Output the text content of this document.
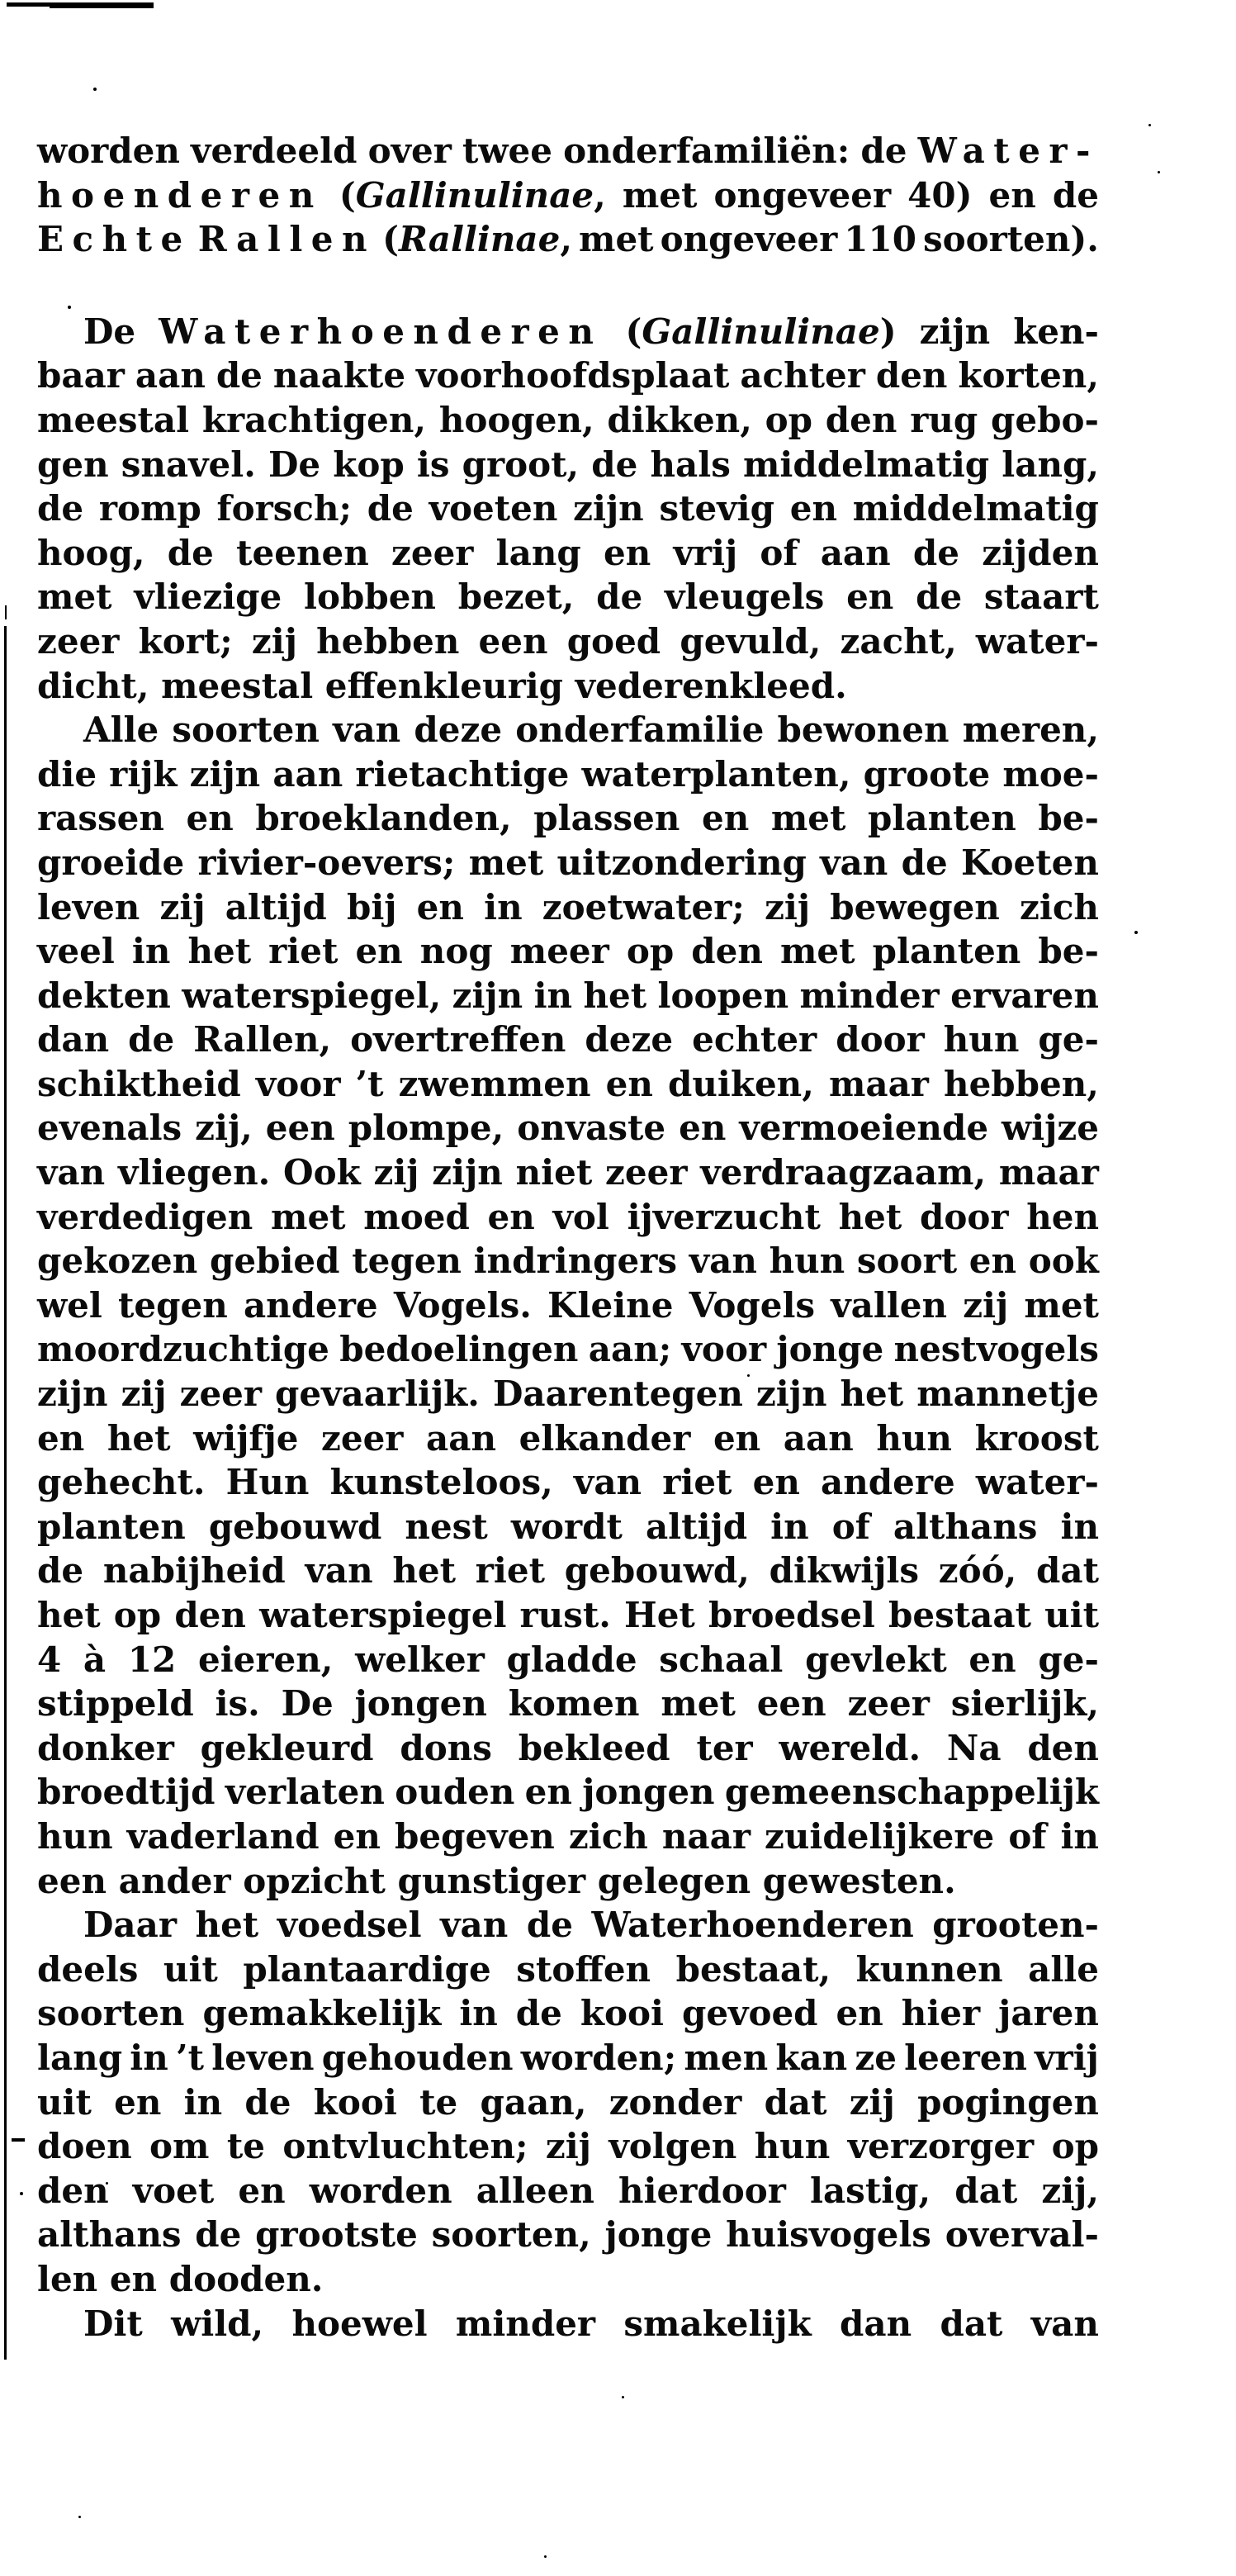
worden verdeeld over twee onderfamiliën: de Water-
hoenderen (Gallinulinae, met ongeveer 40) en de
Echte Rallen (Rallinae, met ongeveer 110 soorten).
De Waterhoenderen (Gallinulinae) zijn ken-
baar aan de naakte voorhoofdsplaat achter den korten,
meestal krachtigen, hoogen, dikken, op den rug gebo-
gen snavel. De kop is groot, de hals middelmatig lang,
de romp forsch; de voeten zijn stevig en middelmatig
hoog, de teenen zeer lang en vrij of aan de zijden
met vliezige lobben bezet, de vleugels en de staart
zeer kort; zij hebben een goed gevuld, zacht, water-
dicht, meestal effenkleurig vederenkleed.
Alle soorten van deze onderfamilie bewonen meren,
die rijk zijn aan rietachtige waterplanten, groote moe-
rassen en broeklanden, plassen en met planten be-
groeide rivier-oevers; met uitzondering van de Koeten
leven zij altijd bij en in zoetwater; zij bewegen zich
veel in het riet en nog meer op den met planten be-
dekten waterspiegel, zijn in het loopen minder ervaren
dan de Rallen, overtreffen deze echter door hun ge-
schiktheid voor ’t zwemmen en duiken, maar hebben,
evenals zij, een plompe, onvaste en vermoeiende wijze
van vliegen. Ook zij zijn niet zeer verdraagzaam, maar
verdedigen met moed en vol ijverzucht het door hen
gekozen gebied tegen indringers van hun soort en ook
wel tegen andere Vogels. Kleine Vogels vallen zij met
moordzuchtige bedoelingen aan; voor jonge nestvogels
zijn zij zeer gevaarlijk. Daarentegen zijn het mannetje
en het wijfje zeer aan elkander en aan hun kroost
gehecht. Hun kunsteloos, van riet en andere water-
planten gebouwd nest wordt altijd in of althans in
de nabijheid van het riet gebouwd, dikwijls zóó, dat
het op den waterspiegel rust. Het broedsel bestaat uit
4 à 12 eieren, welker gladde schaal gevlekt en ge-
stippeld is. De jongen komen met een zeer sierlijk,
donker gekleurd dons bekleed ter wereld. Na den
broedtijd verlaten ouden en jongen gemeenschappelijk
hun vaderland en begeven zich naar zuidelijkere of in
een ander opzicht gunstiger gelegen gewesten.
Daar het voedsel van de Waterhoenderen grooten-
deels uit plantaardige stoffen bestaat, kunnen alle
soorten gemakkelijk in de kooi gevoed en hier jaren
lang in ’t leven gehouden worden; men kan ze leeren vrij
uit en in de kooi te gaan, zonder dat zij pogingen
doen om te ontvluchten; zij volgen hun verzorger op
den voet en worden alleen hierdoor lastig, dat zij,
althans de grootste soorten, jonge huisvogels overval-
len en dooden.
Dit wild, hoewel minder smakelijk dan dat van
